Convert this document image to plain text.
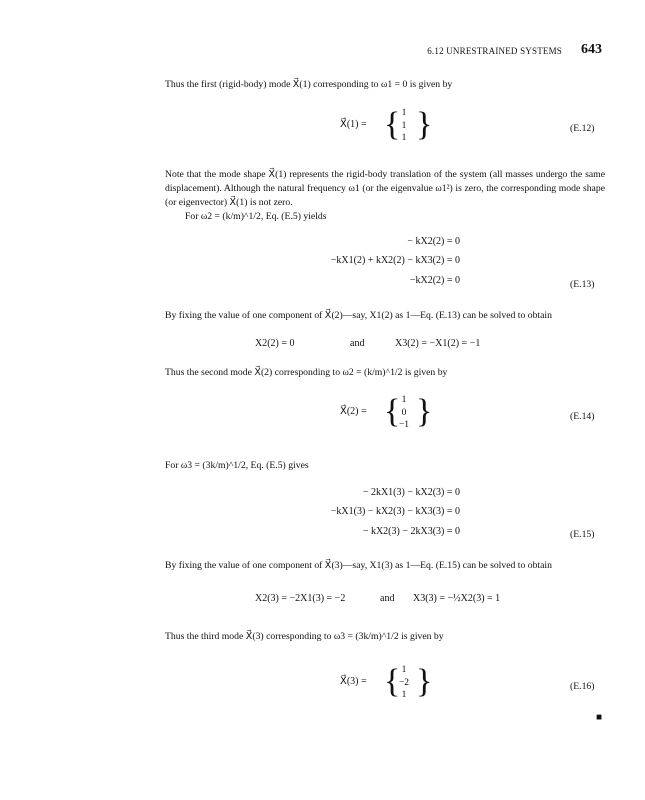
6.12 UNRESTRAINED SYSTEMS 643
Thus the first (rigid-body) mode X⃗(1) corresponding to ω1 = 0 is given by
X⃗(1) = { 1
1
1 }	(E.12)

Note that the mode shape X⃗(1) represents the rigid-body translation of the system (all masses undergo the same displacement). Although the natural frequency ω1 (or the eigenvalue ω1²) is zero, the corresponding mode shape (or eigenvector) X⃗(1) is not zero.

For ω2 = (k/m)^1/2, Eq. (E.5) yields

− kX2(2) = 0
−kX1(2) + kX2(2) − kX3(2) = 0
−kX2(2) = 0	(E.13)
By fixing the value of one component of X⃗(2)—say, X1(2) as 1—Eq. (E.13) can be solved to obtain
X2(2) = 0	and	X3(2) = −X1(2) = −1
Thus the second mode X⃗(2) corresponding to ω2 = (k/m)^1/2 is given by
X⃗(2) = { 1
0
−1 }	(E.14)
For ω3 = (3k/m)^1/2, Eq. (E.5) gives
− 2kX1(3) − kX2(3) = 0
−kX1(3) − kX2(3) − kX3(3) = 0
− kX2(3) − 2kX3(3) = 0	(E.15)
By fixing the value of one component of X⃗(3)—say, X1(3) as 1—Eq. (E.15) can be solved to obtain
X2(3) = −2X1(3) = −2	and X3(3) = −½X2(3) = 1
Thus the third mode X⃗(3) corresponding to ω3 = (3k/m)^1/2 is given by
X⃗(3) = { 1
−2
1 }	(E.16)
■
